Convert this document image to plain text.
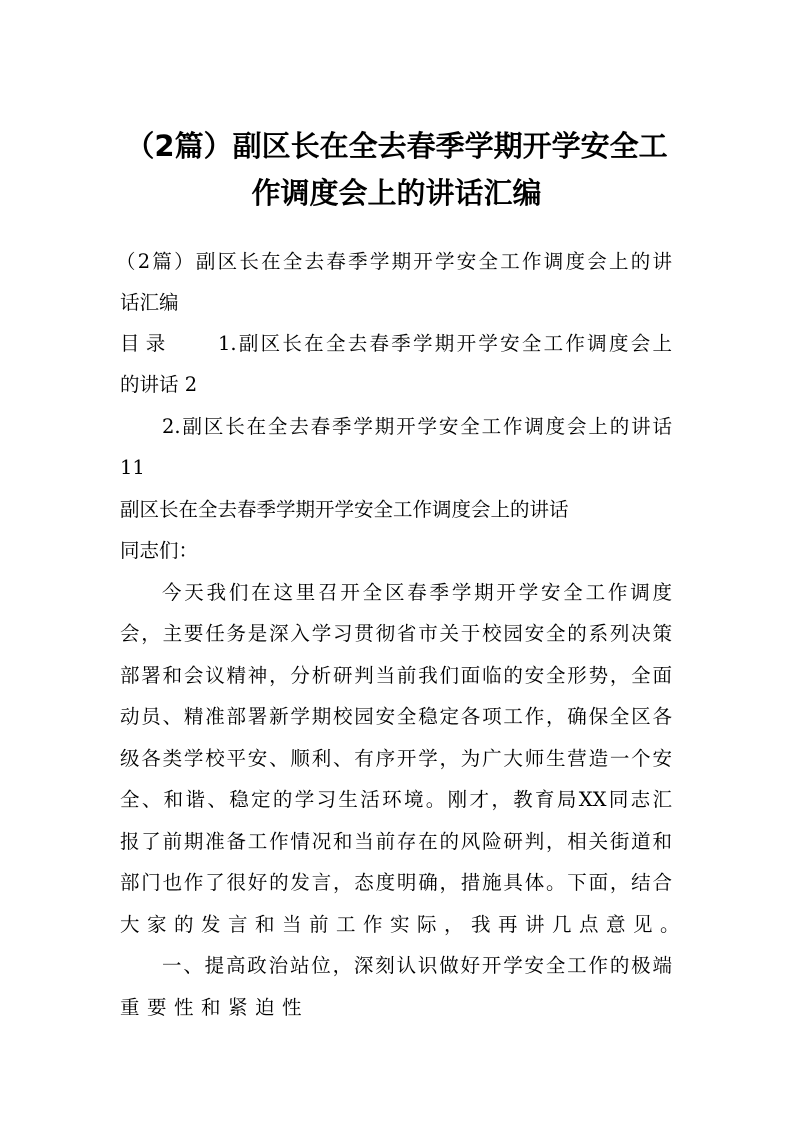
（2篇）副区长在全去春季学期开学安全工
作调度会上的讲话汇编
（2篇）副区长在全去春季学期开学安全工作调度会上的讲
话汇编
目 录	1.副区长在全去春季学期开学安全工作调度会上
的讲话 2
2.副区长在全去春季学期开学安全工作调度会上的讲话
11
副区长在全去春季学期开学安全工作调度会上的讲话
同志们：
今天我们在这里召开全区春季学期开学安全工作调度
会，主要任务是深入学习贯彻省市关于校园安全的系列决策
部署和会议精神，分析研判当前我们面临的安全形势，全面
动员、精准部署新学期校园安全稳定各项工作，确保全区各
级各类学校平安、顺利、有序开学，为广大师生营造一个安
全、和谐、稳定的学习生活环境。刚才，教育局XX同志汇
报了前期准备工作情况和当前存在的风险研判，相关街道和
部门也作了很好的发言，态度明确，措施具体。下面，结合
大家的发言和当前工作实际，我再讲几点意见。
一、提高政治站位，深刻认识做好开学安全工作的极端
重要性和紧迫性
